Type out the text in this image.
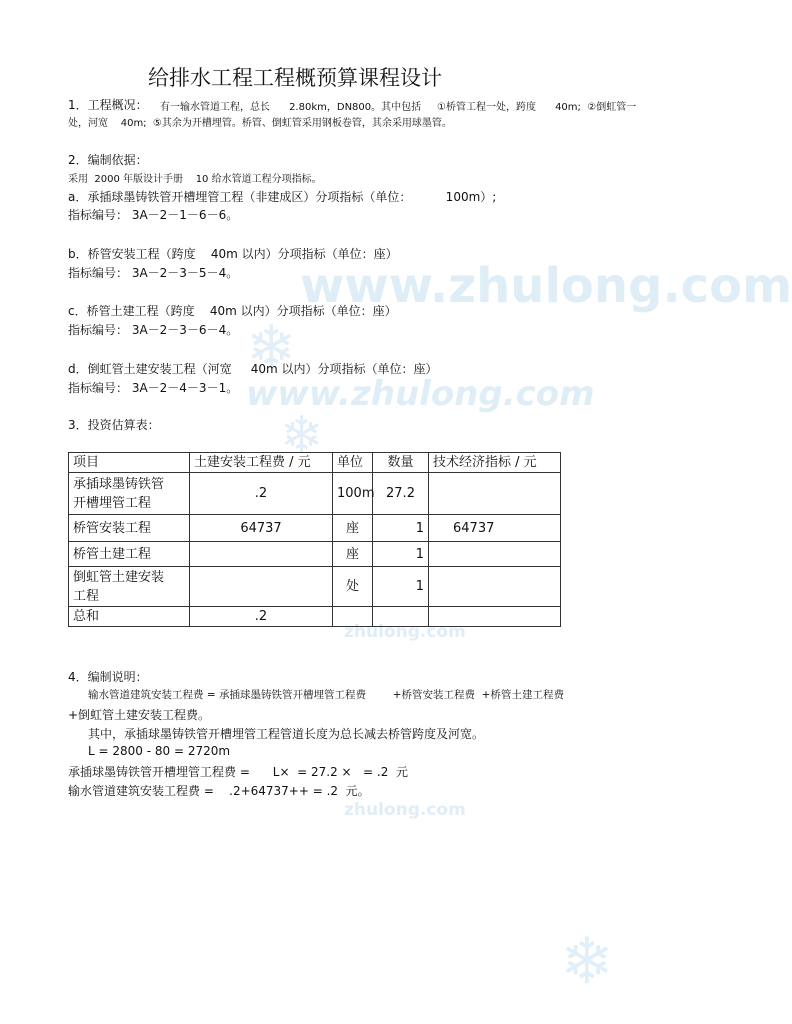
❄
❄
❄
www.zhulong.com
www.zhulong.com
zhulong.com
zhulong.com
给排水工程工程概预算课程设计
1．工程概况： 有一输水管道工程，总长      2.80km，DN800。其中包括     ①桥管工程一处，跨度      40m;  ②倒虹管一
处，河宽    40m;  ⑤其余为开槽埋管。桥管、倒虹管采用钢板卷管，其余采用球墨管。
2．编制依据：
采用  2000 年版设计手册    10 给水管道工程分项指标。
a．承插球墨铸铁管开槽埋管工程（非建成区）分项指标（单位：         100m）;
指标编号： 3A－2－1－6－6。
b．桥管安装工程（跨度    40m 以内）分项指标（单位：座）
指标编号： 3A－2－3－5－4。
c．桥管土建工程（跨度    40m 以内）分项指标（单位：座）
指标编号： 3A－2－3－6－4。
d．倒虹管土建安装工程（河宽     40m 以内）分项指标（单位：座）
指标编号： 3A－2－4－3－1。
3．投资估算表：
项目	土建安装工程费 / 元	单位	数量	技术经济指标 / 元
承插球墨铸铁管
开槽埋管工程	.2	100m	27.2	
桥管安装工程	64737	座	1	64737
桥管土建工程		座	1	
倒虹管土建安装
工程		处	1	
总和	.2			
4．编制说明：
输水管道建筑安装工程费 = 承插球墨铸铁管开槽埋管工程费        +桥管安装工程费  +桥管土建工程费
+倒虹管土建安装工程费。
其中，承插球墨铸铁管开槽埋管工程管道长度为总长减去桥管跨度及河宽。
L = 2800 - 80 = 2720m
承插球墨铸铁管开槽埋管工程费 =      L×  = 27.2 ×   = .2  元
输水管道建筑安装工程费 =    .2+64737++ = .2  元。
